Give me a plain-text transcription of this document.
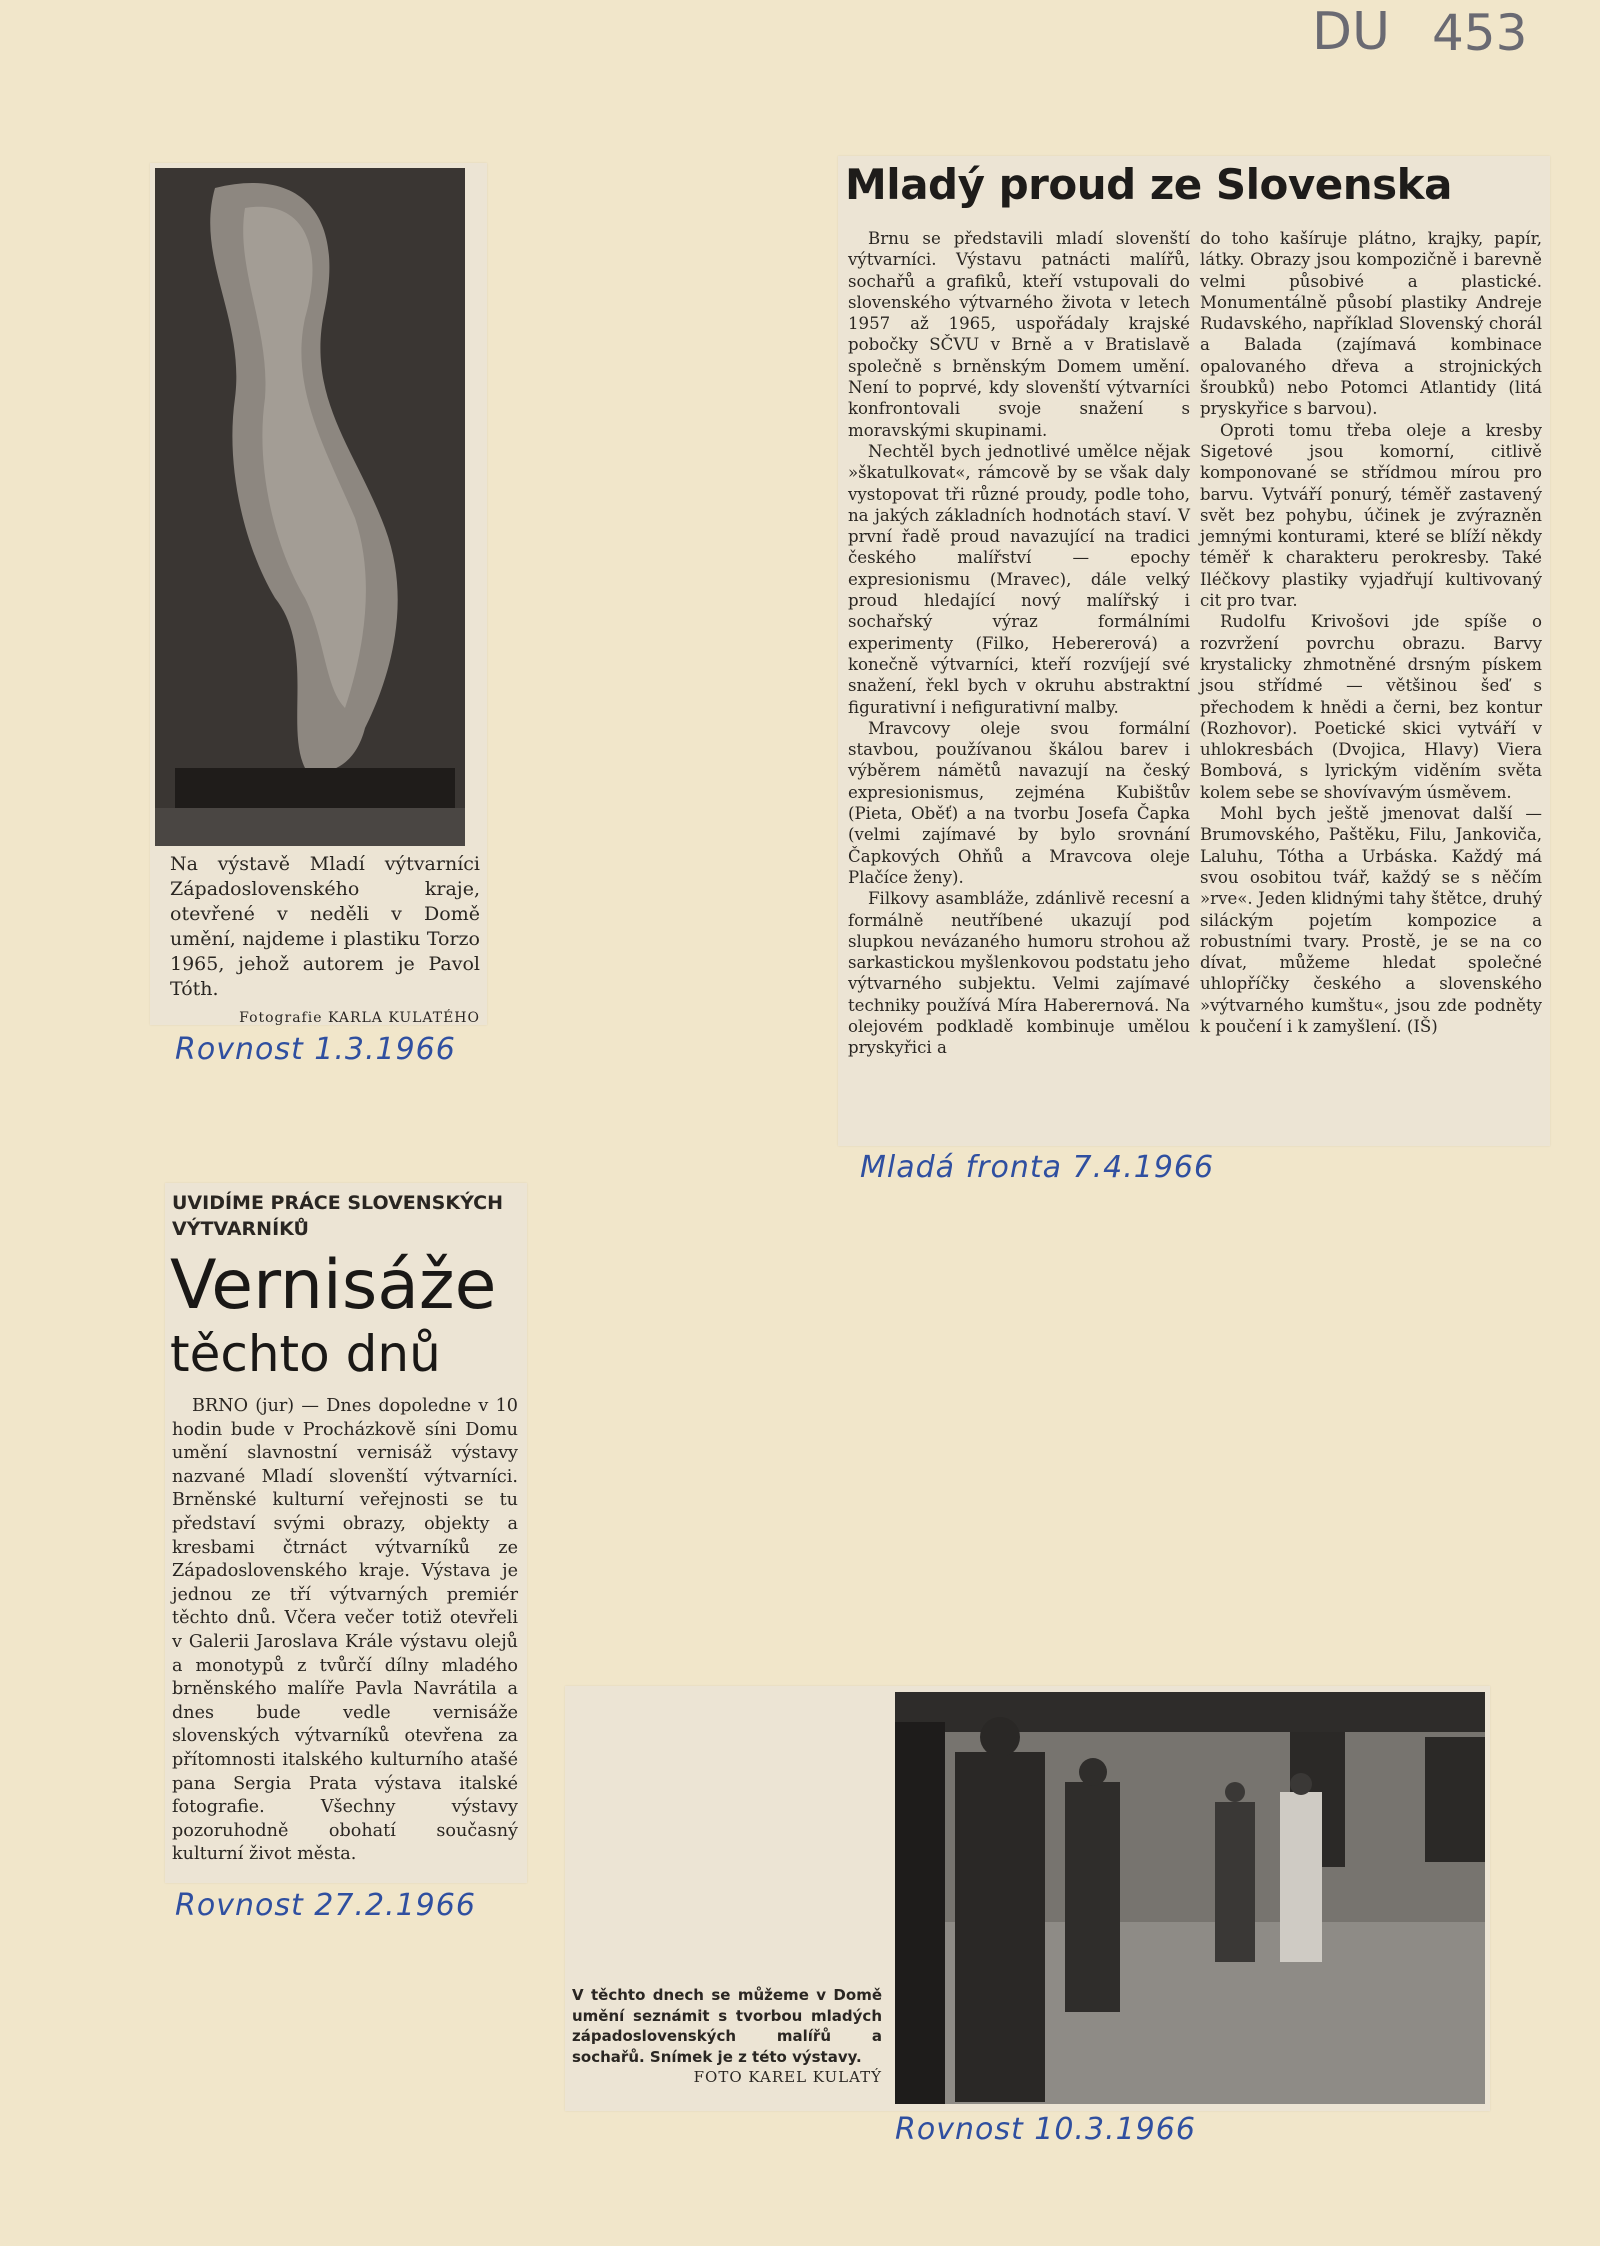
DU 453
Na výstavě Mladí výtvarníci Západoslovenského kraje, otevřené v neděli v Domě umění, najdeme i plastiku Torzo 1965, jehož autorem je Pavol Tóth.
Fotografie KARLA KULATÉHO
Rovnost 1.3.1966
Mladý proud ze Slovenska

Brnu se představili mladí slovenští výtvarníci. Výstavu patnácti malířů, sochařů a grafiků, kteří vstupovali do slovenského výtvarného života v letech 1957 až 1965, uspořádaly krajské pobočky SČVU v Brně a v Bratislavě společně s brněnským Domem umění. Není to poprvé, kdy slovenští výtvarníci konfrontovali svoje snažení s moravskými skupinami.

Nechtěl bych jednotlivé umělce nějak »škatulkovat«, rámcově by se však daly vystopovat tři různé proudy, podle toho, na jakých základních hodnotách staví. V první řadě proud navazující na tradici českého malířství — epochy expresionismu (Mravec), dále velký proud hledající nový malířský i sochařský výraz formálními experimenty (Filko, Hebererová) a konečně výtvarníci, kteří rozvíjejí své snažení, řekl bych v okruhu abstraktní figurativní i nefigurativní malby.

Mravcovy oleje svou formální stavbou, používanou škálou barev i výběrem námětů navazují na český expresionismus, zejména Kubištův (Pieta, Oběť) a na tvorbu Josefa Čapka (velmi zajímavé by bylo srovnání Čapkových Ohňů a Mravcova oleje Plačíce ženy).

Filkovy asambláže, zdánlivě recesní a formálně neutříbené ukazují pod slupkou nevázaného humoru strohou až sarkastickou myšlenkovou podstatu jeho výtvarného subjektu. Velmi zajímavé techniky používá Míra Haberernová. Na olejovém podkladě kombinuje umělou pryskyřici a

do toho kašíruje plátno, krajky, papír, látky. Obrazy jsou kompozičně i barevně velmi působivé a plastické. Monumentálně působí plastiky Andreje Rudavského, například Slovenský chorál a Balada (zajímavá kombinace opalovaného dřeva a strojnických šroubků) nebo Potomci Atlantidy (litá pryskyřice s barvou).

Oproti tomu třeba oleje a kresby Sigetové jsou komorní, citlivě komponované se střídmou mírou pro barvu. Vytváří ponurý, téměř zastavený svět bez pohybu, účinek je zvýrazněn jemnými konturami, které se blíží někdy téměř k charakteru perokresby. Také Iléčkovy plastiky vyjadřují kultivovaný cit pro tvar.

Rudolfu Krivošovi jde spíše o rozvržení povrchu obrazu. Barvy krystalicky zhmotněné drsným pískem jsou střídmé — většinou šeď s přechodem k hnědi a černi, bez kontur (Rozhovor). Poetické skici vytváří v uhlokresbách (Dvojica, Hlavy) Viera Bombová, s lyrickým viděním světa kolem sebe se shovívavým úsměvem.

Mohl bych ještě jmenovat další — Brumovského, Paštěku, Filu, Jankoviča, Laluhu, Tótha a Urbáska. Každý má svou osobitou tvář, každý se s něčím »rve«. Jeden klidnými tahy štětce, druhý siláckým pojetím kompozice a robustními tvary. Prostě, je se na co dívat, můžeme hledat společné uhlopříčky českého a slovenského »výtvarného kumštu«, jsou zde podněty k poučení i k zamyšlení. (IŠ)

Mladá fronta 7.4.1966
UVIDÍME PRÁCE SLOVENSKÝCH VÝTVARNÍKŮ
Vernisáže
těchto dnů

BRNO (jur) — Dnes dopoledne v 10 hodin bude v Procházkově síni Domu umění slavnostní vernisáž výstavy nazvané Mladí slovenští výtvarníci. Brněnské kulturní veřejnosti se tu představí svými obrazy, objekty a kresbami čtrnáct výtvarníků ze Západoslovenského kraje. Výstava je jednou ze tří výtvarných premiér těchto dnů. Včera večer totiž otevřeli v Galerii Jaroslava Krále výstavu olejů a monotypů z tvůrčí dílny mladého brněnského malíře Pavla Navrátila a dnes bude vedle vernisáže slovenských výtvarníků otevřena za přítomnosti italského kulturního atašé pana Sergia Prata výstava italské fotografie. Všechny výstavy pozoruhodně obohatí současný kulturní život města.

Rovnost 27.2.1966
V těchto dnech se můžeme v Domě umění seznámit s tvorbou mladých západoslovenských malířů a sochařů. Snímek je z této výstavy.
FOTO KAREL KULATÝ
Rovnost 10.3.1966
